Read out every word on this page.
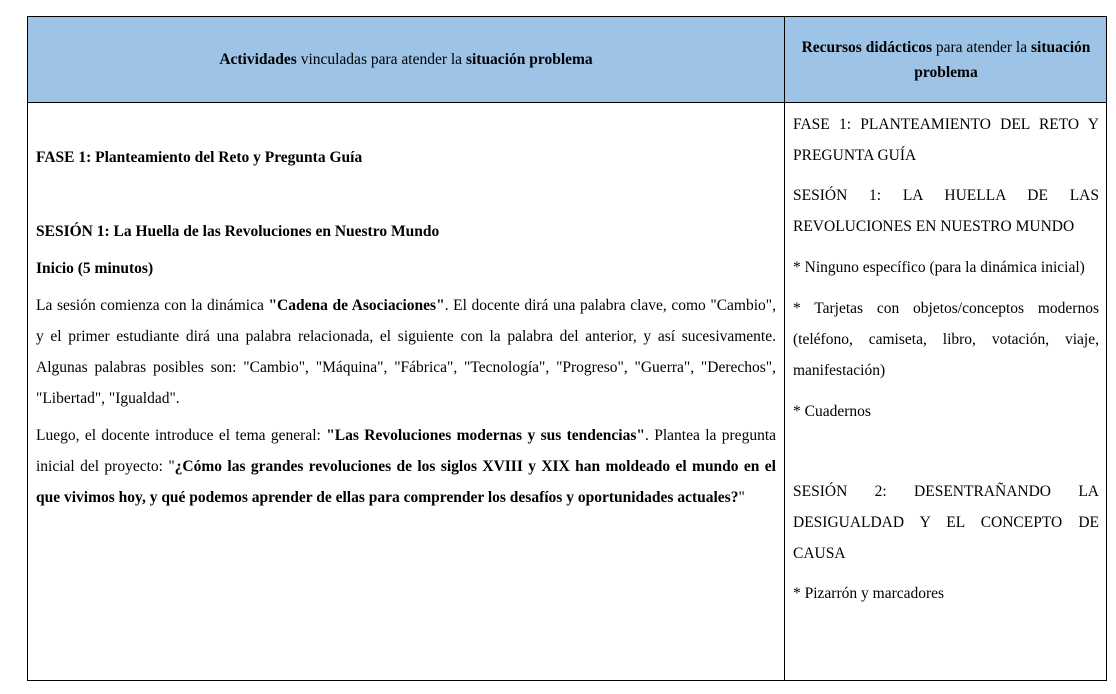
Actividades vinculadas para atender la situación problema
Recursos didácticos para atender la situación problema

FASE 1: Planteamiento del Reto y Pregunta Guía

SESIÓN 1: La Huella de las Revoluciones en Nuestro Mundo

Inicio (5 minutos)

La sesión comienza con la dinámica "Cadena de Asociaciones". El docente dirá una palabra clave, como "Cambio", y el primer estudiante dirá una palabra relacionada, el siguiente con la palabra del anterior, y así sucesivamente. Algunas palabras posibles son: "Cambio", "Máquina", "Fábrica", "Tecnología", "Progreso", "Guerra", "Derechos", "Libertad", "Igualdad".

Luego, el docente introduce el tema general: "Las Revoluciones modernas y sus tendencias". Plantea la pregunta inicial del proyecto: "¿Cómo las grandes revoluciones de los siglos XVIII y XIX han moldeado el mundo en el que vivimos hoy, y qué podemos aprender de ellas para comprender los desafíos y oportunidades actuales?"

FASE 1: PLANTEAMIENTO DEL RETO Y PREGUNTA GUÍA

SESIÓN 1: LA HUELLA DE LAS REVOLUCIONES EN NUESTRO MUNDO

* Ninguno específico (para la dinámica inicial)

* Tarjetas con objetos/conceptos modernos (teléfono, camiseta, libro, votación, viaje, manifestación)

* Cuadernos

SESIÓN 2: DESENTRAÑANDO LA DESIGUALDAD Y EL CONCEPTO DE CAUSA

* Pizarrón y marcadores
